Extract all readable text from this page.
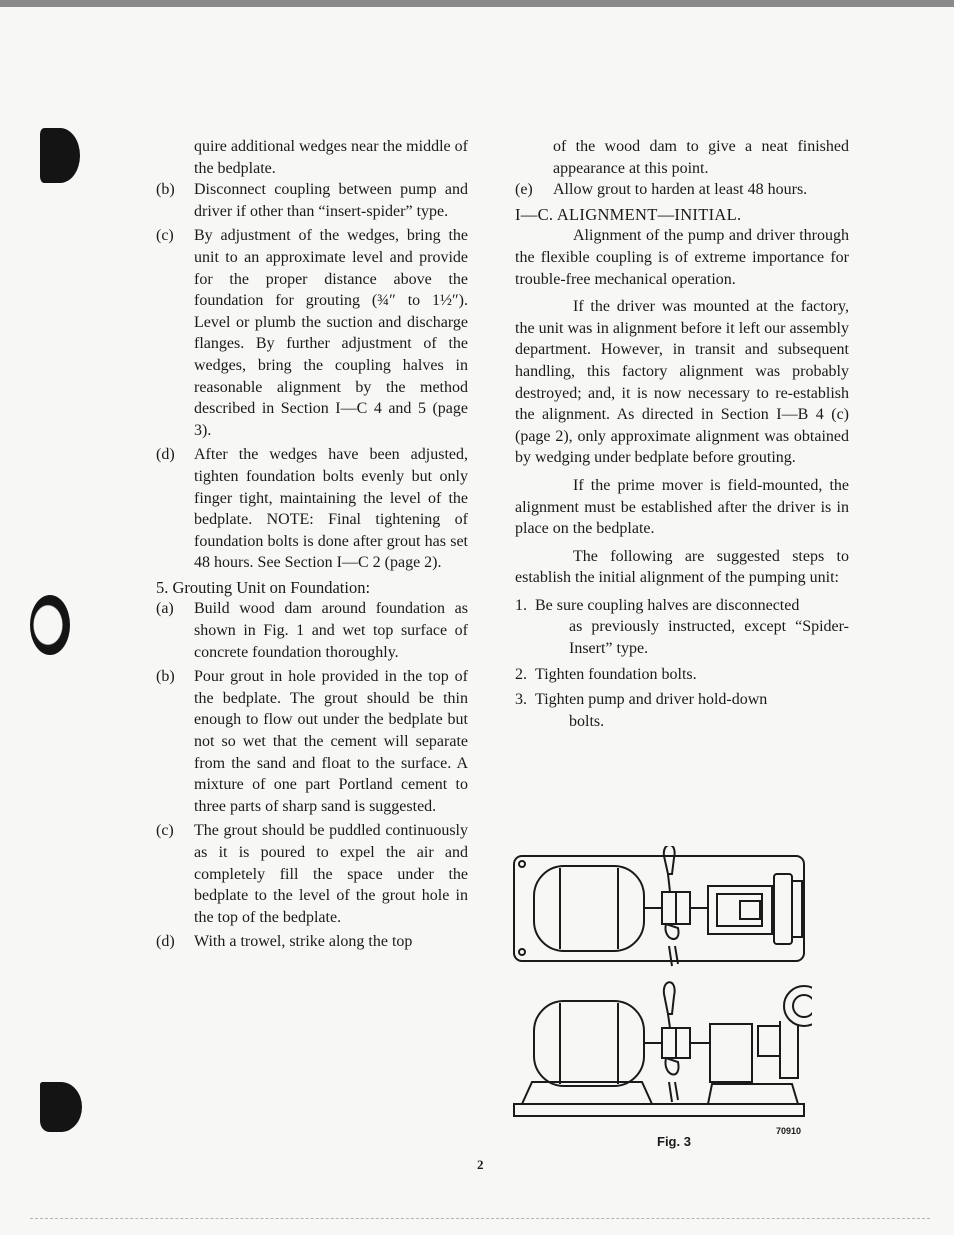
quire additional wedges near the middle of the bedplate.

(b)	Disconnect coupling between pump and driver if other than “insert-spider” type.
(c)	By adjustment of the wedges, bring the unit to an approximate level and provide for the proper distance above the foundation for grouting (¾″ to 1½″). Level or plumb the suction and discharge flanges. By further adjustment of the wedges, bring the coupling halves in reasonable alignment by the method described in Section I—C 4 and 5 (page 3).
(d)	After the wedges have been adjusted, tighten foundation bolts evenly but only finger tight, maintaining the level of the bedplate. NOTE: Final tightening of foundation bolts is done after grout has set 48 hours. See Section I—C 2 (page 2).

5. Grouting Unit on Foundation:

(a)	Build wood dam around foundation as shown in Fig. 1 and wet top surface of concrete foundation thoroughly.
(b)	Pour grout in hole provided in the top of the bedplate. The grout should be thin enough to flow out under the bedplate but not so wet that the cement will separate from the sand and float to the surface. A mixture of one part Portland cement to three parts of sharp sand is suggested.
(c)	The grout should be puddled continuously as it is poured to expel the air and completely fill the space under the bedplate to the level of the grout hole in the top of the bedplate.
(d)	With a trowel, strike along the top

of the wood dam to give a neat finished appearance at this point.

(e)	Allow grout to harden at least 48 hours.

I—C. ALIGNMENT—INITIAL.

Alignment of the pump and driver through the flexible coupling is of extreme importance for trouble-free mechanical operation.

If the driver was mounted at the factory, the unit was in alignment before it left our assembly department. However, in transit and subsequent handling, this factory alignment was probably destroyed; and, it is now necessary to re-establish the alignment. As directed in Section I—B 4 (c) (page 2), only approximate alignment was obtained by wedging under bedplate before grouting.

If the prime mover is field-mounted, the alignment must be established after the driver is in place on the bedplate.

The following are suggested steps to establish the initial alignment of the pumping unit:

1. Be sure coupling halves are disconnected
as previously instructed, except “Spider-Insert” type.
2. Tighten foundation bolts.
3. Tighten pump and driver hold-down
bolts.
70910
Fig. 3
2
